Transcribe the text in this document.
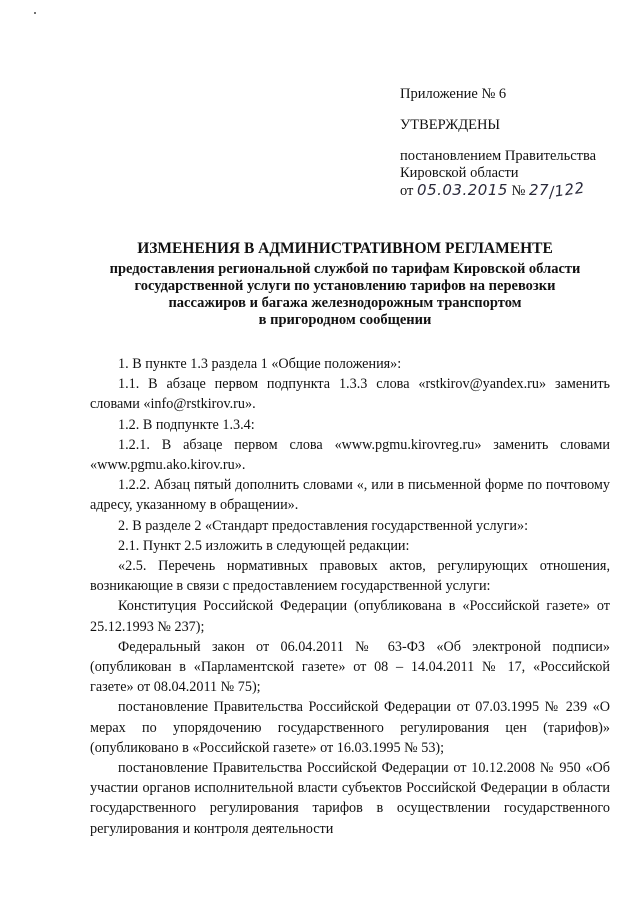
Приложение № 6
УТВЕРЖДЕНЫ
постановлением Правительства
Кировской области
от 05.03.2015 № 27/122
ИЗМЕНЕНИЯ В АДМИНИСТРАТИВНОМ РЕГЛАМЕНТЕ
предоставления региональной службой по тарифам Кировской области
государственной услуги по установлению тарифов на перевозки
пассажиров и багажа железнодорожным транспортом
в пригородном сообщении

1. В пункте 1.3 раздела 1 «Общие положения»:

1.1. В абзаце первом подпункта 1.3.3 слова «rstkirov@yandex.ru» заменить словами «info@rstkirov.ru».

1.2. В подпункте 1.3.4:

1.2.1. В абзаце первом слова «www.pgmu.kirovreg.ru» заменить словами «www.pgmu.ako.kirov.ru».

1.2.2. Абзац пятый дополнить словами «, или в письменной форме по почтовому адресу, указанному в обращении».

2. В разделе 2 «Стандарт предоставления государственной услуги»:

2.1. Пункт 2.5 изложить в следующей редакции:

«2.5. Перечень нормативных правовых актов, регулирующих отношения, возникающие в связи с предоставлением государственной услуги:

Конституция Российской Федерации (опубликована в «Российской газете» от 25.12.1993 № 237);

Федеральный закон от 06.04.2011 № 63-ФЗ «Об электроной подписи» (опубликован в «Парламентской газете» от 08 – 14.04.2011 № 17, «Российской газете» от 08.04.2011 № 75);

постановление Правительства Российской Федерации от 07.03.1995 № 239 «О мерах по упорядочению государственного регулирования цен (тарифов)» (опубликовано в «Российской газете» от 16.03.1995 № 53);

постановление Правительства Российской Федерации от 10.12.2008 № 950 «Об участии органов исполнительной власти субъектов Российской Федерации в области государственного регулирования тарифов в осуществлении государственного регулирования и контроля деятельности
